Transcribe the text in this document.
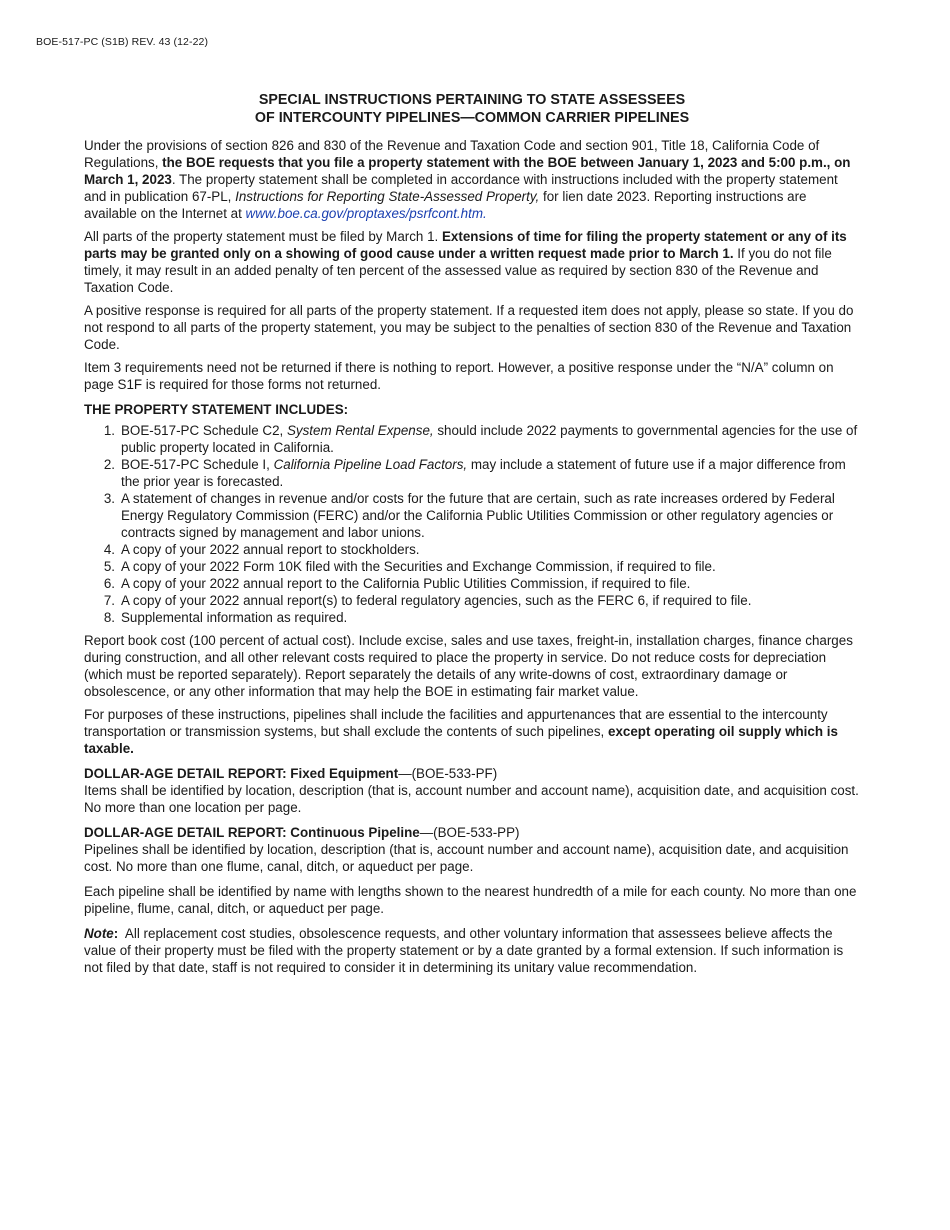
BOE-517-PC (S1B) REV. 43 (12-22)
SPECIAL INSTRUCTIONS PERTAINING TO STATE ASSESSEES
OF INTERCOUNTY PIPELINES—COMMON CARRIER PIPELINES

Under the provisions of section 826 and 830 of the Revenue and Taxation Code and section 901, Title 18, California Code of Regulations, the BOE requests that you file a property statement with the BOE between January 1, 2023 and 5:00 p.m., on March 1, 2023. The property statement shall be completed in accordance with instructions included with the property statement and in publication 67-PL, Instructions for Reporting State-Assessed Property, for lien date 2023. Reporting instructions are available on the Internet at www.boe.ca.gov/proptaxes/psrfcont.htm.

All parts of the property statement must be filed by March 1. Extensions of time for filing the property statement or any of its parts may be granted only on a showing of good cause under a written request made prior to March 1. If you do not file timely, it may result in an added penalty of ten percent of the assessed value as required by section 830 of the Revenue and Taxation Code.

A positive response is required for all parts of the property statement. If a requested item does not apply, please so state. If you do not respond to all parts of the property statement, you may be subject to the penalties of section 830 of the Revenue and Taxation Code.

Item 3 requirements need not be returned if there is nothing to report. However, a positive response under the “N/A” column on page S1F is required for those forms not returned.

THE PROPERTY STATEMENT INCLUDES:
1. BOE-517-PC Schedule C2, System Rental Expense, should include 2022 payments to governmental agencies for the use of public property located in California.
2. BOE-517-PC Schedule I, California Pipeline Load Factors, may include a statement of future use if a major difference from the prior year is forecasted.
3. A statement of changes in revenue and/or costs for the future that are certain, such as rate increases ordered by Federal Energy Regulatory Commission (FERC) and/or the California Public Utilities Commission or other regulatory agencies or contracts signed by management and labor unions.
4. A copy of your 2022 annual report to stockholders.
5. A copy of your 2022 Form 10K filed with the Securities and Exchange Commission, if required to file.
6. A copy of your 2022 annual report to the California Public Utilities Commission, if required to file.
7. A copy of your 2022 annual report(s) to federal regulatory agencies, such as the FERC 6, if required to file.
8. Supplemental information as required.

Report book cost (100 percent of actual cost). Include excise, sales and use taxes, freight-in, installation charges, finance charges during construction, and all other relevant costs required to place the property in service. Do not reduce costs for depreciation (which must be reported separately). Report separately the details of any write-downs of cost, extraordinary damage or obsolescence, or any other information that may help the BOE in estimating fair market value.

For purposes of these instructions, pipelines shall include the facilities and appurtenances that are essential to the intercounty transportation or transmission systems, but shall exclude the contents of such pipelines, except operating oil supply which is taxable.

DOLLAR-AGE DETAIL REPORT: Fixed Equipment—(BOE-533-PF)

Items shall be identified by location, description (that is, account number and account name), acquisition date, and acquisition cost. No more than one location per page.

DOLLAR-AGE DETAIL REPORT: Continuous Pipeline—(BOE-533-PP)

Pipelines shall be identified by location, description (that is, account number and account name), acquisition date, and acquisition cost. No more than one flume, canal, ditch, or aqueduct per page.

Each pipeline shall be identified by name with lengths shown to the nearest hundredth of a mile for each county. No more than one pipeline, flume, canal, ditch, or aqueduct per page.

Note:  All replacement cost studies, obsolescence requests, and other voluntary information that assessees believe affects the value of their property must be filed with the property statement or by a date granted by a formal extension. If such information is not filed by that date, staff is not required to consider it in determining its unitary value recommendation.
